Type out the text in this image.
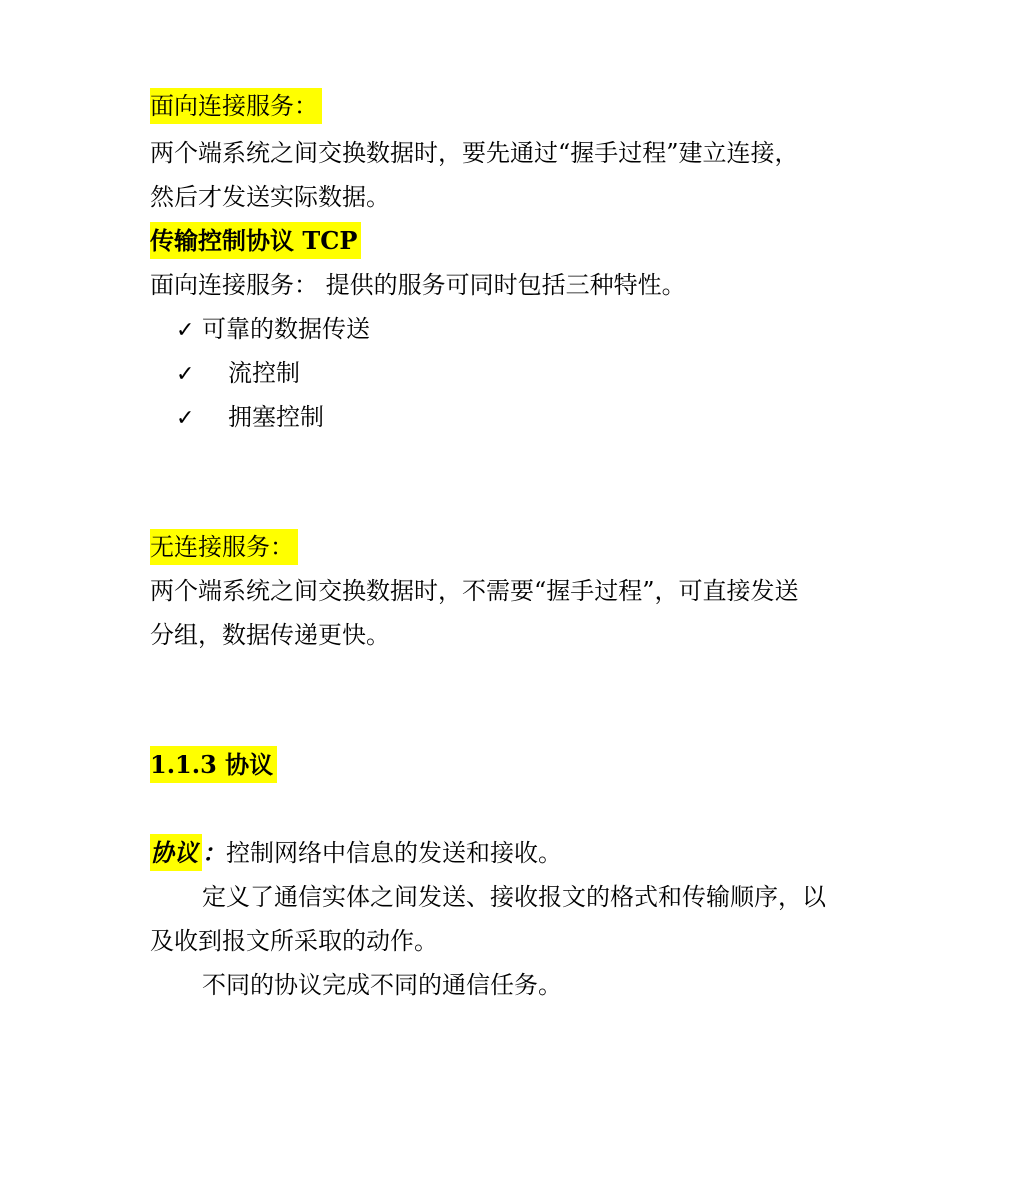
面向连接服务：
两个端系统之间交换数据时，要先通过“握手过程”建立连接，
然后才发送实际数据。
传输控制协议 TCP
面向连接服务： 提供的服务可同时包括三种特性。
✓ 可靠的数据传送
✓ 流控制
✓ 拥塞控制
无连接服务：
两个端系统之间交换数据时，不需要“握手过程”，可直接发送
分组，数据传递更快。
1.1.3 协议
协议 ：控制网络中信息的发送和接收。
定义了通信实体之间发送、接收报文的格式和传输顺序，以
及收到报文所采取的动作。
不同的协议完成不同的通信任务。
